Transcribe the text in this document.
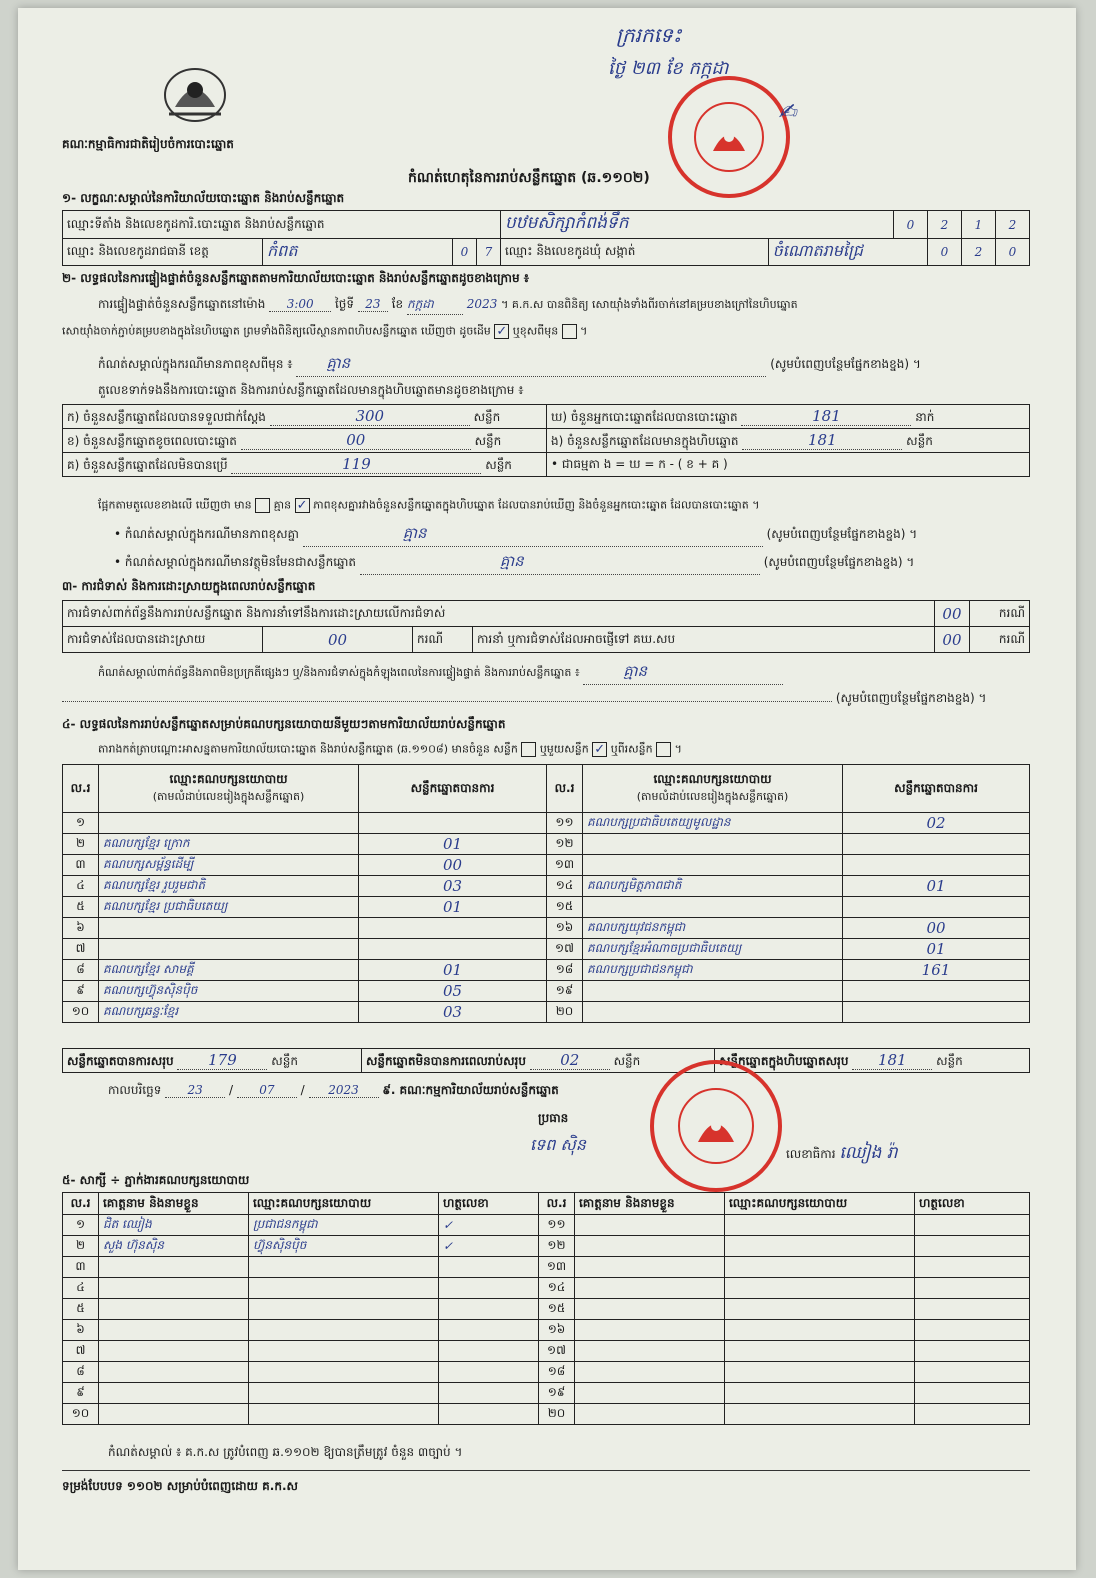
ក្ររកទេះ
ថ្ងៃ ២៣ ខែ កក្កដា
✍︎
គណៈកម្មាធិការជាតិរៀបចំការបោះឆ្នោត
កំណត់ហេតុនៃការរាប់សន្លឹកឆ្នោត (ឆ.១១០២)
១- លក្ខណៈសម្គាល់នៃការិយាល័យបោះឆ្នោត និងរាប់សន្លឹកឆ្នោត
ឈ្មោះទីតាំង និងលេខកូដការិ.បោះឆ្នោត និងរាប់សន្លឹកឆ្នោត				បឋមសិក្សាកំពង់ទឹក		0	2	1	2
ឈ្មោះ និងលេខកូដរាជធានី ខេត្ត	កំពត	0	7	ឈ្មោះ និងលេខកូដឃុំ សង្កាត់	ចំណោតរាមជ្រៃ		0	2	0
២- លទ្ធផលនៃការផ្ទៀងផ្ទាត់ចំនួនសន្លឹកឆ្នោតតាមការិយាល័យបោះឆ្នោត និងរាប់សន្លឹកឆ្នោតដូចខាងក្រោម ៖
ការផ្ទៀងផ្ទាត់ចំនួនសន្លឹកឆ្នោតនៅម៉ោង 3:00 ថ្ងៃទី 23 ខែ កក្កដា	2023 ។ គ.ក.ស បានពិនិត្យ សោយ៉ាំងទាំងពីរចាក់នៅគម្របខាងក្រៅនៃហិបឆ្នោត
សោយ៉ាំងចាក់ភ្ជាប់គម្របខាងក្នុងនៃហិបឆ្នោត ព្រមទាំងពិនិត្យលើស្ថានភាពហិបសន្លឹកឆ្នោត ឃើញថា ដូចដើម ✓ ឬខុសពីមុន  ។
កំណត់សម្គាល់ក្នុងករណីមានភាពខុសពីមុន ៖ គ្មាន	(សូមបំពេញបន្ថែមផ្នែកខាងខ្នង) ។
តួលេខទាក់ទងនឹងការបោះឆ្នោត និងការរាប់សន្លឹកឆ្នោតដែលមានក្នុងហិបឆ្នោតមានដូចខាងក្រោម ៖
ក) ចំនួនសន្លឹកឆ្នោតដែលបានទទួលជាក់ស្តែង 300 សន្លឹក	ឃ) ចំនួនអ្នកបោះឆ្នោតដែលបានបោះឆ្នោត 181 នាក់
ខ) ចំនួនសន្លឹកឆ្នោតខូចពេលបោះឆ្នោត 00 សន្លឹក	ង) ចំនួនសន្លឹកឆ្នោតដែលមានក្នុងហិបឆ្នោត 181 សន្លឹក
គ) ចំនួនសន្លឹកឆ្នោតដែលមិនបានប្រើ 119 សន្លឹក	• ជាធម្មតា ង = ឃ = ក - ( ខ + គ )
ផ្អែកតាមតួលេខខាងលើ ឃើញថា មាន គ្មាន ✓ ភាពខុសគ្នារវាងចំនួនសន្លឹកឆ្នោតក្នុងហិបឆ្នោត ដែលបានរាប់ឃើញ និងចំនួនអ្នកបោះឆ្នោត ដែលបានបោះឆ្នោត ។
• កំណត់សម្គាល់ក្នុងករណីមានភាពខុសគ្នា	គ្មាន	(សូមបំពេញបន្ថែមផ្នែកខាងខ្នង) ។
• កំណត់សម្គាល់ក្នុងករណីមានវត្ថុមិនមែនជាសន្លឹកឆ្នោត	គ្មាន	(សូមបំពេញបន្ថែមផ្នែកខាងខ្នង) ។
៣- ការជំទាស់ និងការដោះស្រាយក្នុងពេលរាប់សន្លឹកឆ្នោត
ការជំទាស់ពាក់ព័ន្ធនឹងការរាប់សន្លឹកឆ្នោត និងការនាំទៅនឹងការដោះស្រាយលើការជំទាស់				00	ករណី
ការជំទាស់ដែលបានដោះស្រាយ	00	ករណី	ការនាំ ឬការជំទាស់ដែលអាចផ្ញើទៅ គឃ.សប	00	ករណី
កំណត់សម្គាល់ពាក់ព័ន្ធនឹងភាពមិនប្រក្រតីផ្សេងៗ ឬ/និងការជំទាស់ក្នុងកំឡុងពេលនៃការផ្ទៀងផ្ទាត់ និងការរាប់សន្លឹកឆ្នោត ៖	គ្មាន
(សូមបំពេញបន្ថែមផ្នែកខាងខ្នង) ។
៤- លទ្ធផលនៃការរាប់សន្លឹកឆ្នោតសម្រាប់គណបក្សនយោបាយនីមួយៗតាមការិយាល័យរាប់សន្លឹកឆ្នោត
តារាងកត់ត្រាបណ្តោះអាសន្នតាមការិយាល័យបោះឆ្នោត និងរាប់សន្លឹកឆ្នោត (ឆ.១១០៨) មានចំនួន សន្លឹក ឬមួយសន្លឹក ✓ ឬពីរសន្លឹក  ។
ល.រ	ឈ្មោះគណបក្សនយោបាយ
(តាមលំដាប់លេខរៀងក្នុងសន្លឹកឆ្នោត)	សន្លឹកឆ្នោតបានការ	ល.រ	ឈ្មោះគណបក្សនយោបាយ
(តាមលំដាប់លេខរៀងក្នុងសន្លឹកឆ្នោត)	សន្លឹកឆ្នោតបានការ
១			១១	គណបក្សប្រជាធិបតេយ្យមូលដ្ឋាន	02
២	គណបក្សខ្មែរ ក្រោក	01	១២		
៣	គណបក្សសម្ព័ន្ធដើម្បី	00	១៣		
៤	គណបក្សខ្មែរ រួបរួមជាតិ	03	១៤	គណបក្សមិត្តភាពជាតិ	01
៥	គណបក្សខ្មែរ ប្រជាធិបតេយ្យ	01	១៥		
៦			១៦	គណបក្សយុវជនកម្ពុជា	00
៧			១៧	គណបក្សខ្មែរអំណាចប្រជាធិបតេយ្យ	01
៨	គណបក្សខ្មែរ សាមគ្គី	01	១៨	គណបក្សប្រជាជនកម្ពុជា	161
៩	គណបក្សហ៊្វុនស៊ិនប៉ិច	05	១៩		
១០	គណបក្សឆន្ទៈខ្មែរ	03	២០		
សន្លឹកឆ្នោតបានការសរុប 179	សន្លឹក	សន្លឹកឆ្នោតមិនបានការពេលរាប់សរុប 02	សន្លឹក	សន្លឹកឆ្នោតក្នុងហិបឆ្នោតសរុប 181 សន្លឹក
កាលបរិច្ឆេទ 23 / 07 / 2023 ៩. គណៈកម្មការិយាល័យរាប់សន្លឹកឆ្នោត
ប្រធាន
ទេព ស៊ិន	លេខាធិការ ឈៀង រ៉ា
៥- សាក្សី ÷ ភ្នាក់ងារគណបក្សនយោបាយ
ល.រ	គោត្តនាម និងនាមខ្លួន	ឈ្មោះគណបក្សនយោបាយ	ហត្ថលេខា	ល.រ	គោត្តនាម និងនាមខ្លួន	ឈ្មោះគណបក្សនយោបាយ	ហត្ថលេខា
១	ជិត ឈៀង	ប្រជាជនកម្ពុជា	✓	១១			
២	សួង ហ៊ុនស៊ិន	ហ៊្វុនស៊ិនប៉ិច	✓	១២			
៣				១៣			
៤				១៤			
៥				១៥			
៦				១៦			
៧				១៧			
៨				១៨			
៩				១៩			
១០				២០			
កំណត់សម្គាល់ ៖ គ.ក.ស ត្រូវបំពេញ ឆ.១១០២ ឱ្យបានត្រឹមត្រូវ ចំនួន ៣ច្បាប់ ។
ទម្រង់បែបបទ ១១០២ សម្រាប់បំពេញដោយ គ.ក.ស
